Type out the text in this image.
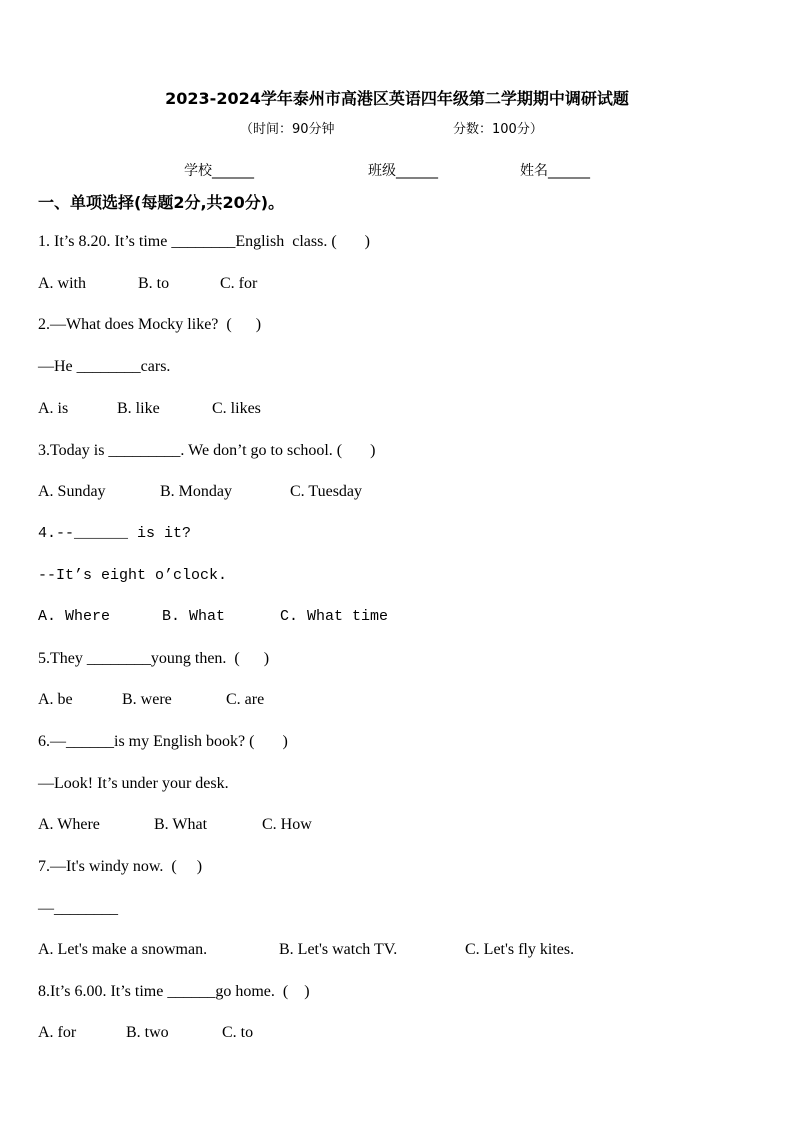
2023-2024学年泰州市高港区英语四年级第二学期期中调研试题
（时间：90分钟	分数：100分）
学校______	班级______	姓名______
一、单项选择(每题2分,共20分)。
1. It’s 8.20. It’s time ________English  class. (       )
A. with	B. to	C. for
2.—What does Mocky like?  (      )
—He ________cars.
A. is	B. like	C. likes
3.Today is _________. We don’t go to school. (       )
A. Sunday	B. Monday	C. Tuesday
4.--______ is it?
--It’s eight o’clock.
A. Where	B. What	C. What time
5.They ________young then.  (      )
A. be	B. were	C. are
6.—______is my English book? (       )
—Look! It’s under your desk.
A. Where	B. What	C. How
7.—It's windy now.  (     )
—________
A. Let's make a snowman.	B. Let's watch TV.	C. Let's fly kites.
8.It’s 6.00. It’s time ______go home.  (    )
A. for	B. two	C. to
